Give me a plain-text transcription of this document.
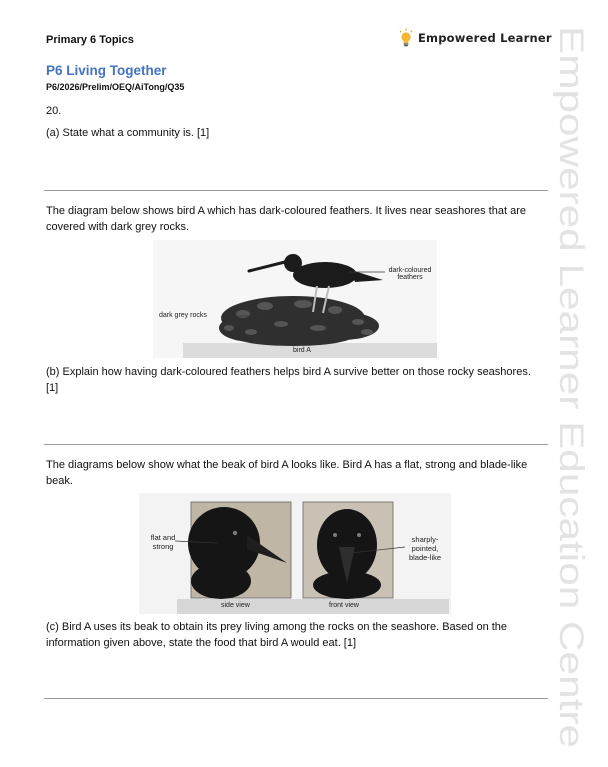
Primary 6 Topics	Empowered Learner Empowered Learner Education Centre
P6 Living Together
P6/2026/Prelim/OEQ/AiTong/Q35
20.
(a) State what a community is. [1]
The diagram below shows bird A which has dark-coloured feathers. It lives near seashores that are covered with dark grey rocks.
dark-coloured
feathers
dark grey rocks
bird A
(b) Explain how having dark-coloured feathers helps bird A survive better on those rocky seashores. [1]
The diagrams below show what the beak of bird A looks like. Bird A has a flat, strong and blade-like beak.
flat and
strong
sharply-
pointed,
blade-like
side view	front view
(c) Bird A uses its beak to obtain its prey living among the rocks on the seashore. Based on the information given above, state the food that bird A would eat. [1]
